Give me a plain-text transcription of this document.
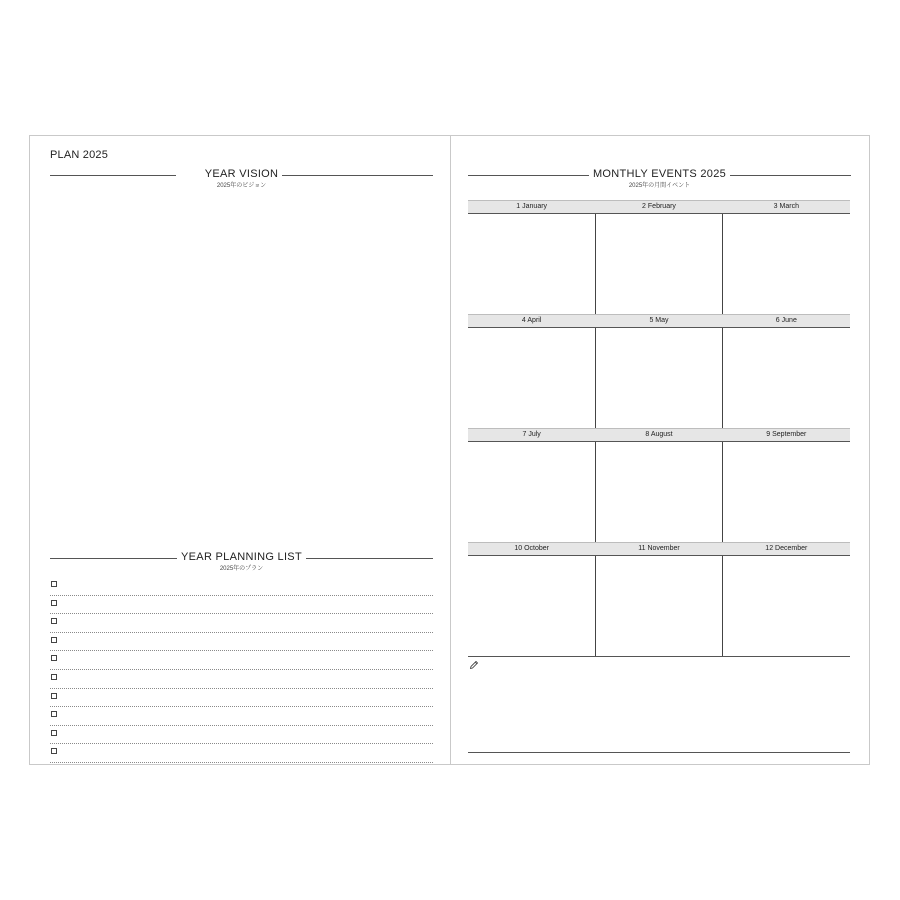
PLAN 2025
YEAR VISION
2025年のビジョン
YEAR PLANNING LIST
2025年のプラン
MONTHLY EVENTS 2025
2025年の月間イベント
1 January	2 February	3 March
4 April	5 May	6 June
7 July	8 August	9 September
10 October	11 November	12 December
